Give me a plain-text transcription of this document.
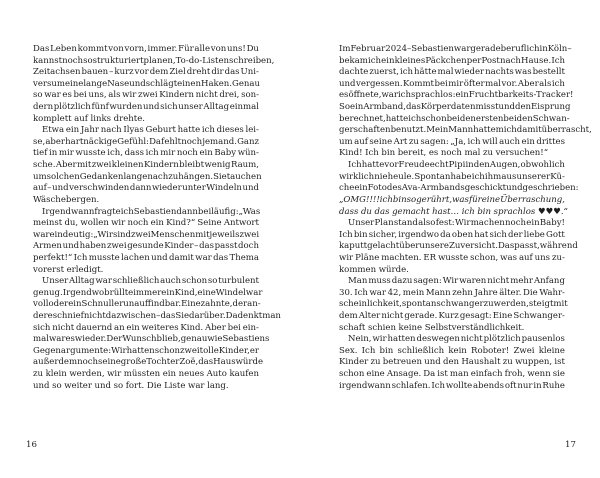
Das Leben kommt von vorn, immer. Für alle von uns! Du
kannst noch so strukturiert planen, To-do-Listen schreiben,
Zeitachsen bauen – kurz vor dem Ziel dreht dir das Uni-
versum eine lange Nase und schlägt einen Haken. Genau
so war es bei uns, als wir zwei Kindern nicht drei, son-
dern plötzlich fünf wurden und sich unser Alltag einmal
komplett auf links drehte.
Etwa ein Jahr nach Ilyas Geburt hatte ich dieses lei-
se, aber hartnäckige Gefühl: Da fehlt noch jemand. Ganz
tief in mir wusste ich, dass ich mir noch ein Baby wün-
sche. Aber mit zwei kleinen Kindern bleibt wenig Raum,
um solchen Gedanken lange nachzuhängen. Sie tauchen
auf – und verschwinden dann wieder unter Windeln und
Wäschebergen.
Irgendwann fragte ich Sebastien dann beiläufig: „Was
meinst du, wollen wir noch ein Kind?“ Seine Antwort
war eindeutig: „Wir sind zwei Menschen mit jeweils zwei
Armen und haben zwei gesunde Kinder – das passt doch
perfekt!“ Ich musste lachen und damit war das Thema
vorerst erledigt.
Unser Alltag war schließlich auch schon so turbulent
genug. Irgendwo brüllte immer ein Kind, eine Windel war
voll oder ein Schnuller unauffindbar. Eine zahnte, der an-
dere schnief nicht dazwischen – das Sie darüber. Da denkt man
sich nicht dauernd an ein weiteres Kind. Aber bei ein-
mal war es wieder. Der Wunsch blieb, genau wie Sebastiens
Gegenargumente: Wir hatten schon zwei tolle Kinder, er
außerdem noch seine große Tochter Zoë, das Haus würde
zu klein werden, wir müssten ein neues Auto kaufen
und so weiter und so fort. Die Liste war lang.
Im Februar 2024 – Sebastien war gerade beruflich in Köln –
bekam ich ein kleines Päckchen per Post nach Hause. Ich
dachte zuerst, ich hätte mal wieder nachts was bestellt
und vergessen. Kommt bei mir öfter mal vor. Aber als ich
es öffnete, war ich sprachlos: ein Fruchtbarkeits-Tracker!
So ein Armband, das Körperdaten misst und den Eisprung
berechnet, hatte ich schon bei den ersten beiden Schwan-
gerschaften benutzt. Mein Mann hatte mich damit überrascht,
um auf seine Art zu sagen: „Ja, ich will auch ein drittes
Kind! Ich bin bereit, es noch mal zu versuchen!“
Ich hatte vor Freude echt Pipi in den Augen, obwohl ich
wirklich nie heule. Spontan habe ich ihm aus unserer Kü-
che ein Foto des Ava-Armbands geschickt und geschrieben:
„OMG!!!! ich bin so gerührt, was für eine Überraschung,
dass du das gemacht hast… ich bin sprachlos ♥♥♥.“
Unser Plan stand also fest: Wir machen noch ein Baby!
Ich bin sicher, irgendwo da oben hat sich der liebe Gott
kaputtgelacht über unsere Zuversicht. Das passt, während
wir Pläne machten. ER wusste schon, was auf uns zu-
kommen würde.
Man muss dazu sagen: Wir waren nicht mehr Anfang
30. Ich war 42, mein Mann zehn Jahre älter. Die Wahr-
scheinlichkeit, spontan schwanger zu werden, steigt mit
dem Alter nicht gerade. Kurz gesagt: Eine Schwanger-
schaft schien keine Selbstverständlichkeit.
Nein, wir hatten deswegen nicht plötzlich pausenlos
Sex. Ich bin schließlich kein Roboter! Zwei kleine
Kinder zu betreuen und den Haushalt zu wuppen, ist
schon eine Ansage. Da ist man einfach froh, wenn sie
irgendwann schlafen. Ich wollte abends oft nur in Ruhe
16	17
